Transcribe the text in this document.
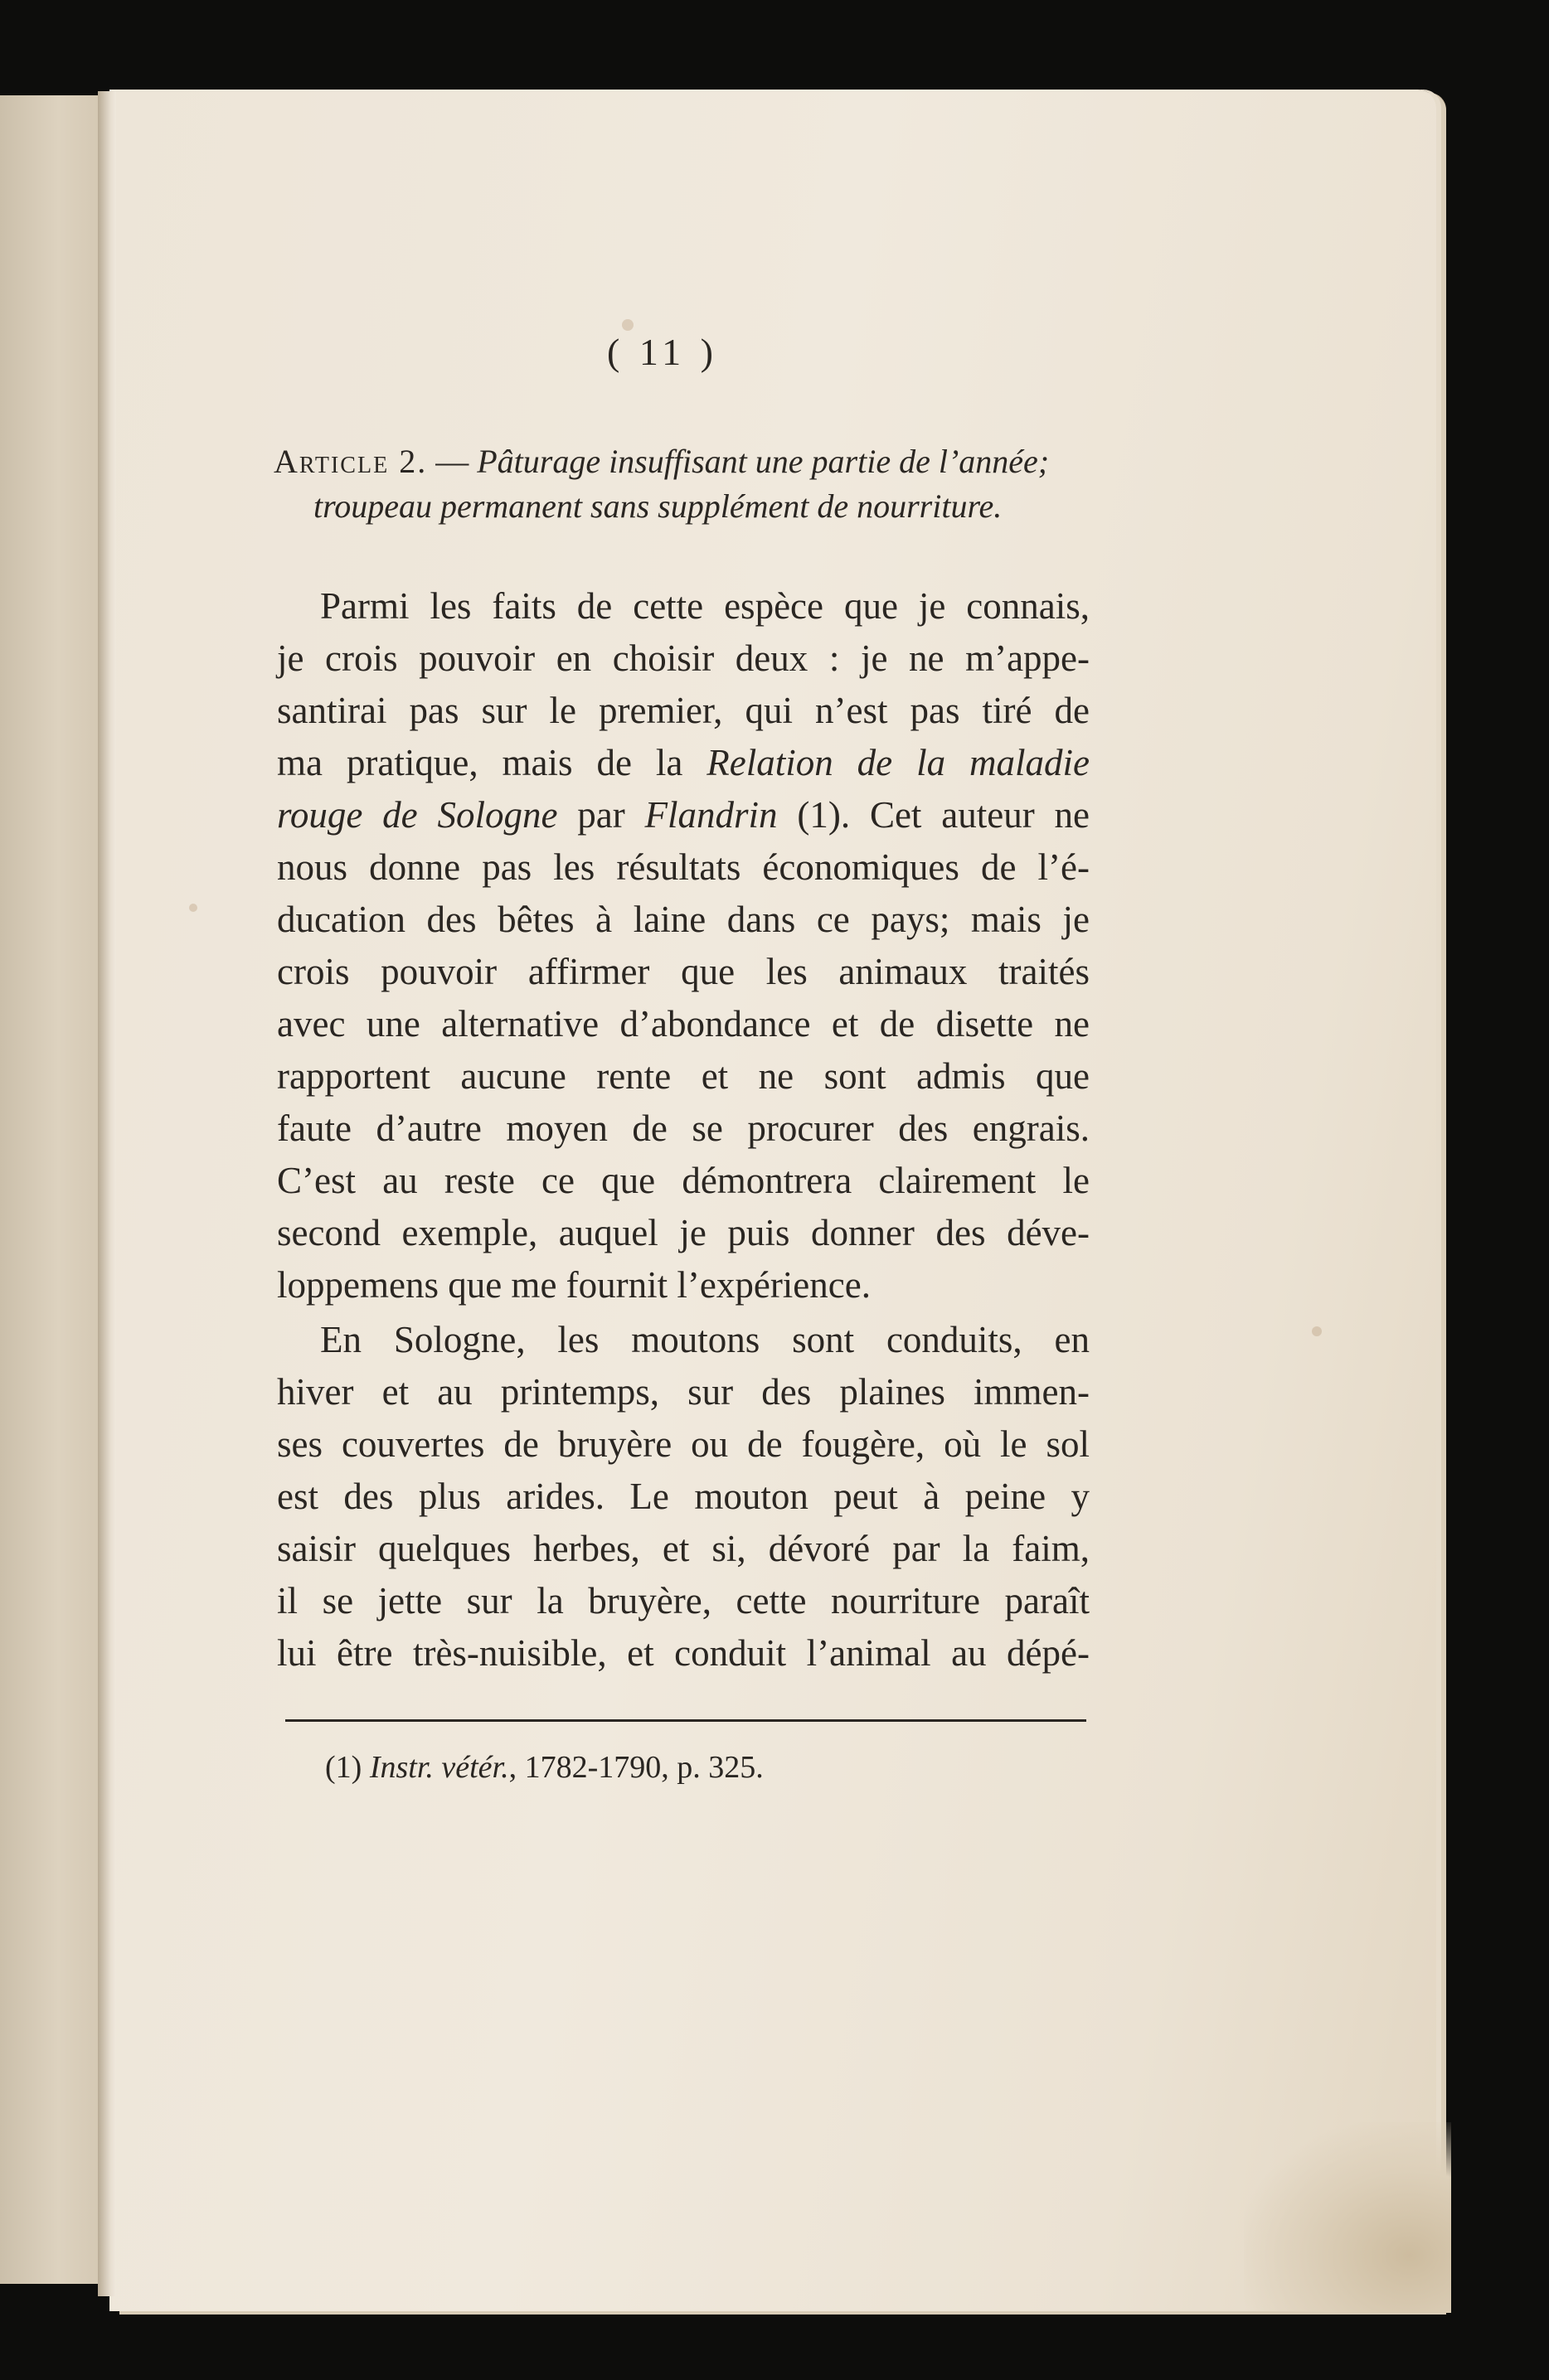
( 11 )
Article 2. — Pâturage insuffisant une partie de l’année;
troupeau permanent sans supplément de nourriture.
Parmi les faits de cette espèce que je connais,
je crois pouvoir en choisir deux : je ne m’appe-
santirai pas sur le premier, qui n’est pas tiré de
ma pratique, mais de la Relation de la maladie
rouge de Sologne par Flandrin (1). Cet auteur ne
nous donne pas les résultats économiques de l’é-
ducation des bêtes à laine dans ce pays; mais je
crois pouvoir affirmer que les animaux traités
avec une alternative d’abondance et de disette ne
rapportent aucune rente et ne sont admis que
faute d’autre moyen de se procurer des engrais.
C’est au reste ce que démontrera clairement le
second exemple, auquel je puis donner des déve-
loppemens que me fournit l’expérience.
En Sologne, les moutons sont conduits, en
hiver et au printemps, sur des plaines immen-
ses couvertes de bruyère ou de fougère, où le sol
est des plus arides. Le mouton peut à peine y
saisir quelques herbes, et si, dévoré par la faim,
il se jette sur la bruyère, cette nourriture paraît
lui être très-nuisible, et conduit l’animal au dépé-
(1) Instr. vétér., 1782-1790, p. 325.
